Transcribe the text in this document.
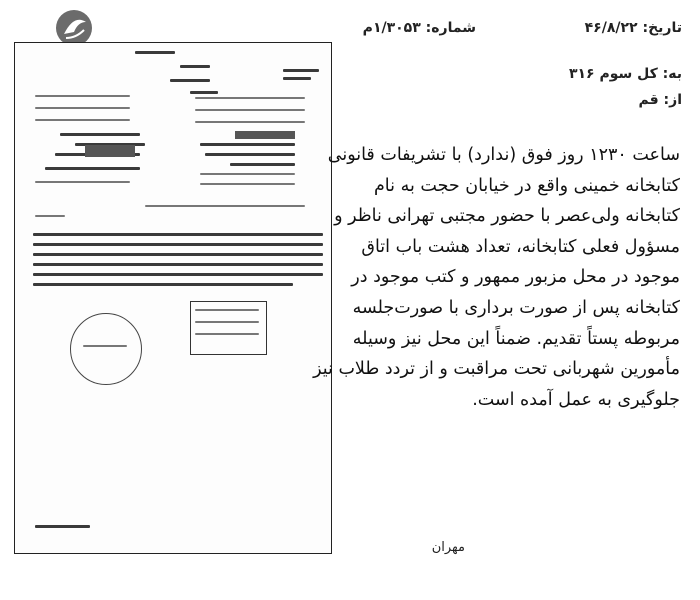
تاریخ: ۴۶/۸/۲۲
شماره: ۱/۳۰۵۳م
به: کل سوم ۳۱۶
از: قم
ساعت ۱۲۳۰ روز فوق (ندارد) با تشریفات قانونی
کتابخانه خمینی واقع در خیابان حجت به نام
کتابخانه ولی‌عصر با حضور مجتبی تهرانی ناظر و
مسؤول فعلی کتابخانه، تعداد هشت باب اتاق
موجود در محل مزبور ممهور و کتب موجود در
کتابخانه پس از صورت برداری با صورت‌جلسه
مربوطه پستاً تقدیم. ضمناً این محل نیز وسیله
مأمورین شهربانی تحت مراقبت و از تردد طلاب نیز
جلوگیری به عمل آمده است.
مهران
